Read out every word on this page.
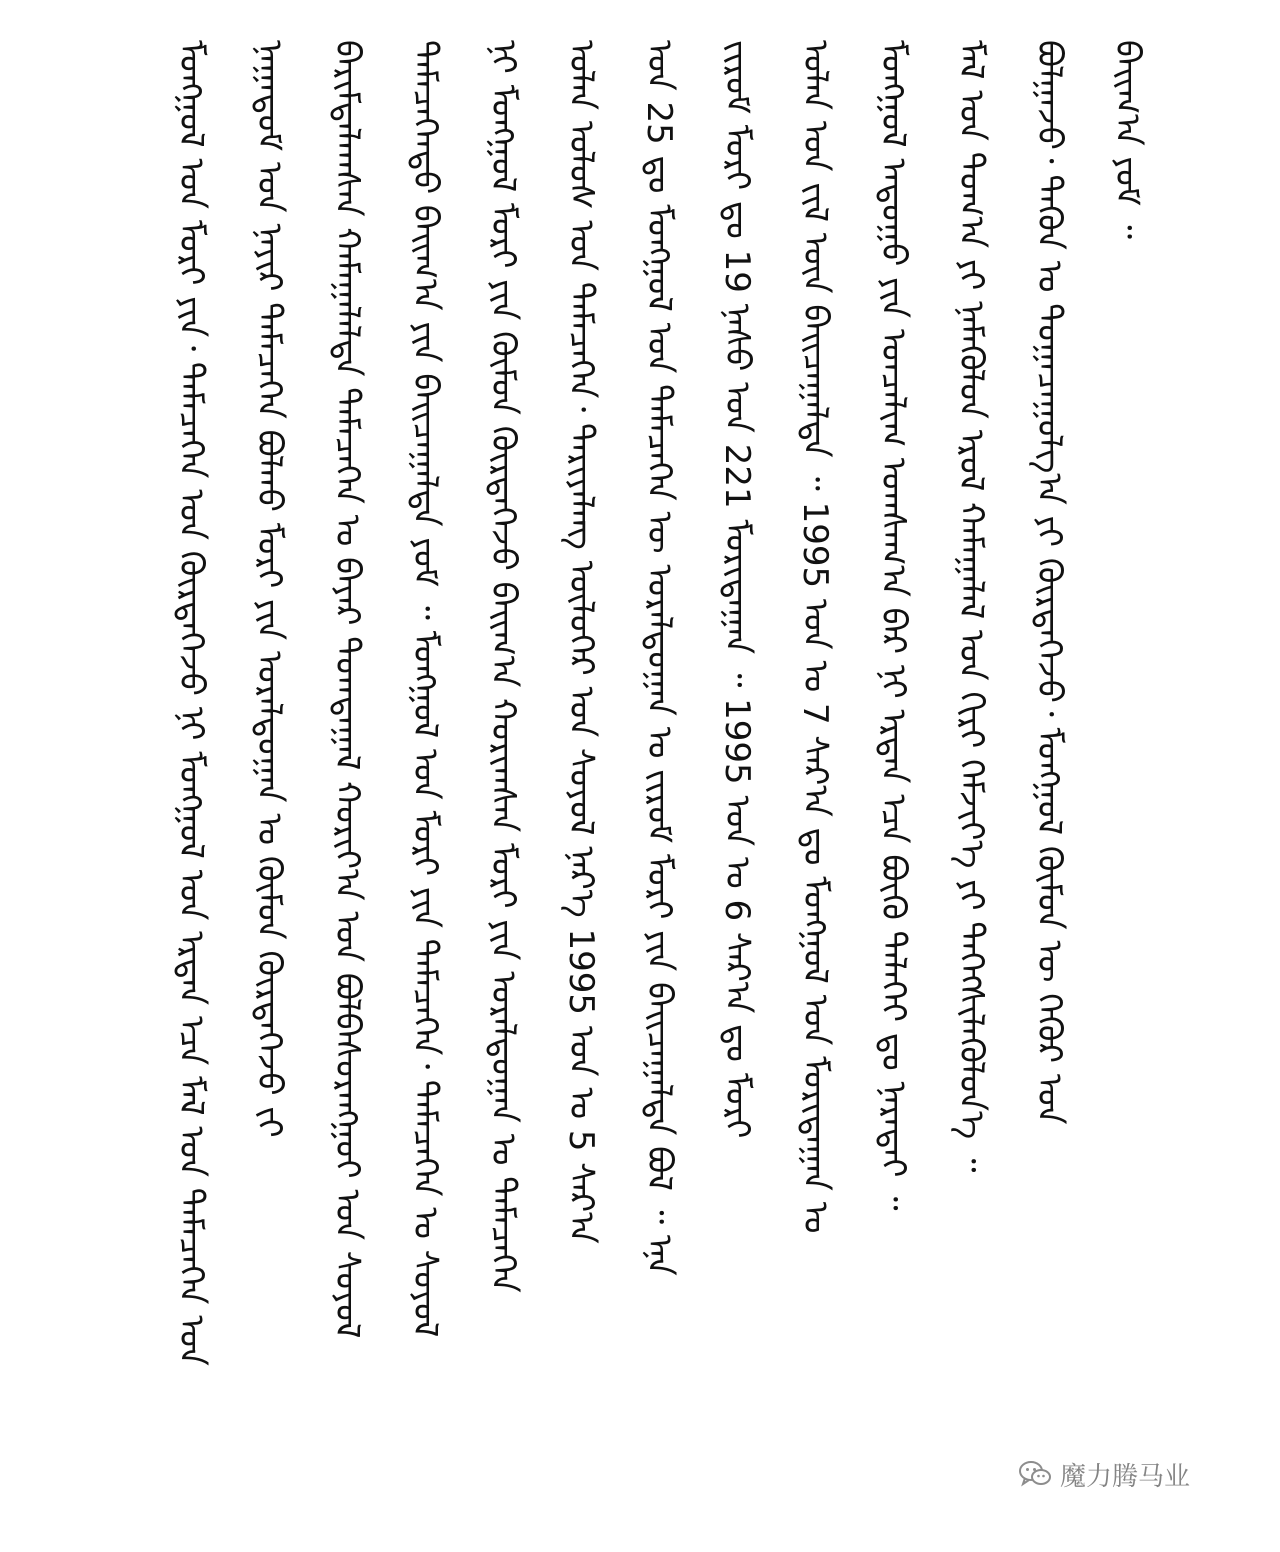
ᠪᠠᠢᠭ᠎ᠠ ᠶᠤᠮ ᠃
ᠪᠣᠯᠭᠠᠵᠤ᠂ ᠲᠡᠭᠦᠨ ᠤ ᠲᠣᠭᠠᠴᠠᠭᠤᠯᠭ᠎ᠠ ᠶᠢ ᠬᠦᠷᠲᠡᠭᠡᠵᠦ᠂ ᠮᠣᠩᠭᠣᠯ ᠬᠦᠮᠦᠨ ᠦ ᠬᠡᠭᠦᠷ ᠤᠨ
ᠮᠠᠯ ᠤᠨ ᠲᠣᠭ᠎ᠠ ᠶᠢ ᠨᠡᠮᠡᠭᠦᠯᠦᠨ ᠡᠷᠦᠯ ᠬᠠᠮᠠᠭᠠᠯᠠᠯ ᠤᠨ ᠬᠢᠷᠢ ᠬᠡᠮᠵᠢᠶ᠎ᠡ ᠶᠢ ᠳᠡᠭᠡᠭᠰᠢᠯᠡᠭᠦᠯᠦᠨ᠎ᠡ ᠃
ᠮᠣᠩᠭᠣᠯ ᠠᠳᠤᠭᠤ ᠶᠢᠨ ᠣᠨᠴᠠᠯᠢᠭ ᠤᠭᠰᠠᠭ᠎ᠠ ᠪᠠᠷ ᠨᠢ ᠡᠷᠲᠡᠨ ᠡᠴᠡ ᠪᠦᠬᠦ ᠳᠡᠯᠡᠬᠡᠢ ᠳᠤ ᠨᠡᠷᠡᠲᠡᠢ ᠃
ᠤᠯᠠᠨ ᠤᠨ ᠵᠢᠯ ᠦᠨ ᠪᠠᠢᠴᠠᠭᠠᠯᠲᠠ ᠃ 1995 ᠣᠨ ᠤ 7 ᠰᠠᠷ᠎ᠠ ᠳᠤ ᠮᠣᠩᠭᠣᠯ ᠤᠨ ᠮᠣᠷᠢᠳᠠᠭᠠᠨ ᠤ
ᠵᠢᠷᠤᠮ ᠮᠣᠷᠢ ᠳᠤ 19 ᠨᠠᠰᠤ ᠤᠨ 221 ᠮᠣᠷᠢᠳᠠᠭᠠᠨ ᠃ 1995 ᠣᠨ ᠤ 6 ᠰᠠᠷ᠎ᠠ ᠳᠤ ᠮᠣᠷᠢ
ᠤᠨ 25 ᠳᠤ ᠮᠣᠩᠭᠣᠯ ᠤᠨ ᠲᠡᠮᠡᠴᠡᠭᠡᠨ ᠦ ᠤᠷᠠᠯᠳᠤᠭᠠᠨ ᠤ ᠵᠢᠷᠤᠮ ᠮᠣᠷᠢ ᠶᠢᠨ ᠪᠠᠢᠴᠠᠭᠠᠯᠲᠠ ᠪᠣᠯ ᠃ ᠡᠨᠡ
ᠤᠯᠠᠨ ᠤᠯᠤᠰ ᠤᠨ ᠲᠡᠮᠡᠴᠡᠭᠡᠨ᠂ ᠲᠠᠷᠢᠶᠠᠯᠠᠩ ᠦᠯᠦᠭᠡᠷ ᠤᠨ ᠰᠣᠶᠣᠯ ᠨᠡᠷ᠎ᠡ 1995 ᠣᠨ ᠤ 5 ᠰᠠᠷ᠎ᠠ
ᠨᠢ ᠮᠣᠩᠭᠣᠯ ᠮᠣᠷᠢ ᠶᠢᠨ ᠬᠦᠮᠦᠨ ᠬᠦᠷᠲᠡᠭᠡᠵᠦ ᠪᠠᠢᠭ᠎ᠠ ᠬᠣᠷᠢᠭᠰᠠᠨ ᠮᠣᠷᠢ ᠶᠢᠨ ᠤᠷᠠᠯᠳᠤᠭᠠᠨ ᠤ ᠲᠡᠮᠡᠴᠡᠭᠡᠨ
ᠲᠡᠮᠡᠴᠡᠭᠡᠨᠲᠦ ᠪᠠᠢᠭ᠎ᠠ ᠶᠢᠨ ᠪᠠᠢᠴᠠᠭᠠᠯᠲᠠ ᠶᠤᠮ ᠃ ᠮᠣᠩᠭᠣᠯ ᠤᠨ ᠮᠣᠷᠢ ᠶᠢᠨ ᠲᠡᠮᠡᠴᠡᠭᠡᠨ᠂ ᠲᠡᠮᠡᠴᠡᠭᠡᠨ ᠤ ᠰᠣᠶᠣᠯ
ᠪᠠᠷᠢᠮᠲᠠᠯᠠᠭᠰᠠᠨ ᠬᠠᠮᠠᠭᠠᠯᠠᠯᠲᠠ ᠲᠡᠮᠡᠴᠡᠭᠡᠨ ᠤ ᠪᠠᠶᠠᠷ ᠲᠣᠭᠲᠠᠭᠠᠯ ᠬᠣᠷᠢᠶ᠎ᠠ ᠤᠨ ᠪᠣᠯᠪᠠᠰᠤᠷᠠᠩᠭᠤᠢ ᠣᠨ ᠰᠣᠶᠣᠯ
ᠨᠠᠭᠠᠳᠤᠮ ᠤᠨ ᠨᠠᠶᠢᠷ ᠲᠡᠮᠡᠴᠡᠭᠡᠨ ᠪᠣᠯᠬᠣ ᠮᠣᠷᠢ ᠶᠢᠨ ᠤᠷᠠᠯᠳᠤᠭᠠᠨ ᠤ ᠬᠦᠮᠦᠨ ᠬᠦᠷᠲᠡᠭᠡᠵᠦ ᠵᠢ
ᠮᠣᠩᠭᠣᠯ ᠤᠨ ᠮᠣᠷᠢ ᠶᠢᠨ᠂ ᠲᠡᠮᠡᠴᠡᠭᠡᠨ ᠤᠨ ᠬᠦᠷᠲᠡᠭᠡᠵᠦ ᠨᠢ ᠮᠣᠩᠭᠣᠯ ᠤᠨ ᠡᠷᠲᠡᠨ ᠡᠴᠡ ᠮᠠᠯ ᠤᠨ ᠲᠡᠮᠡᠴᠡᠭᠡᠨ ᠤᠨ
魔力腾马业
